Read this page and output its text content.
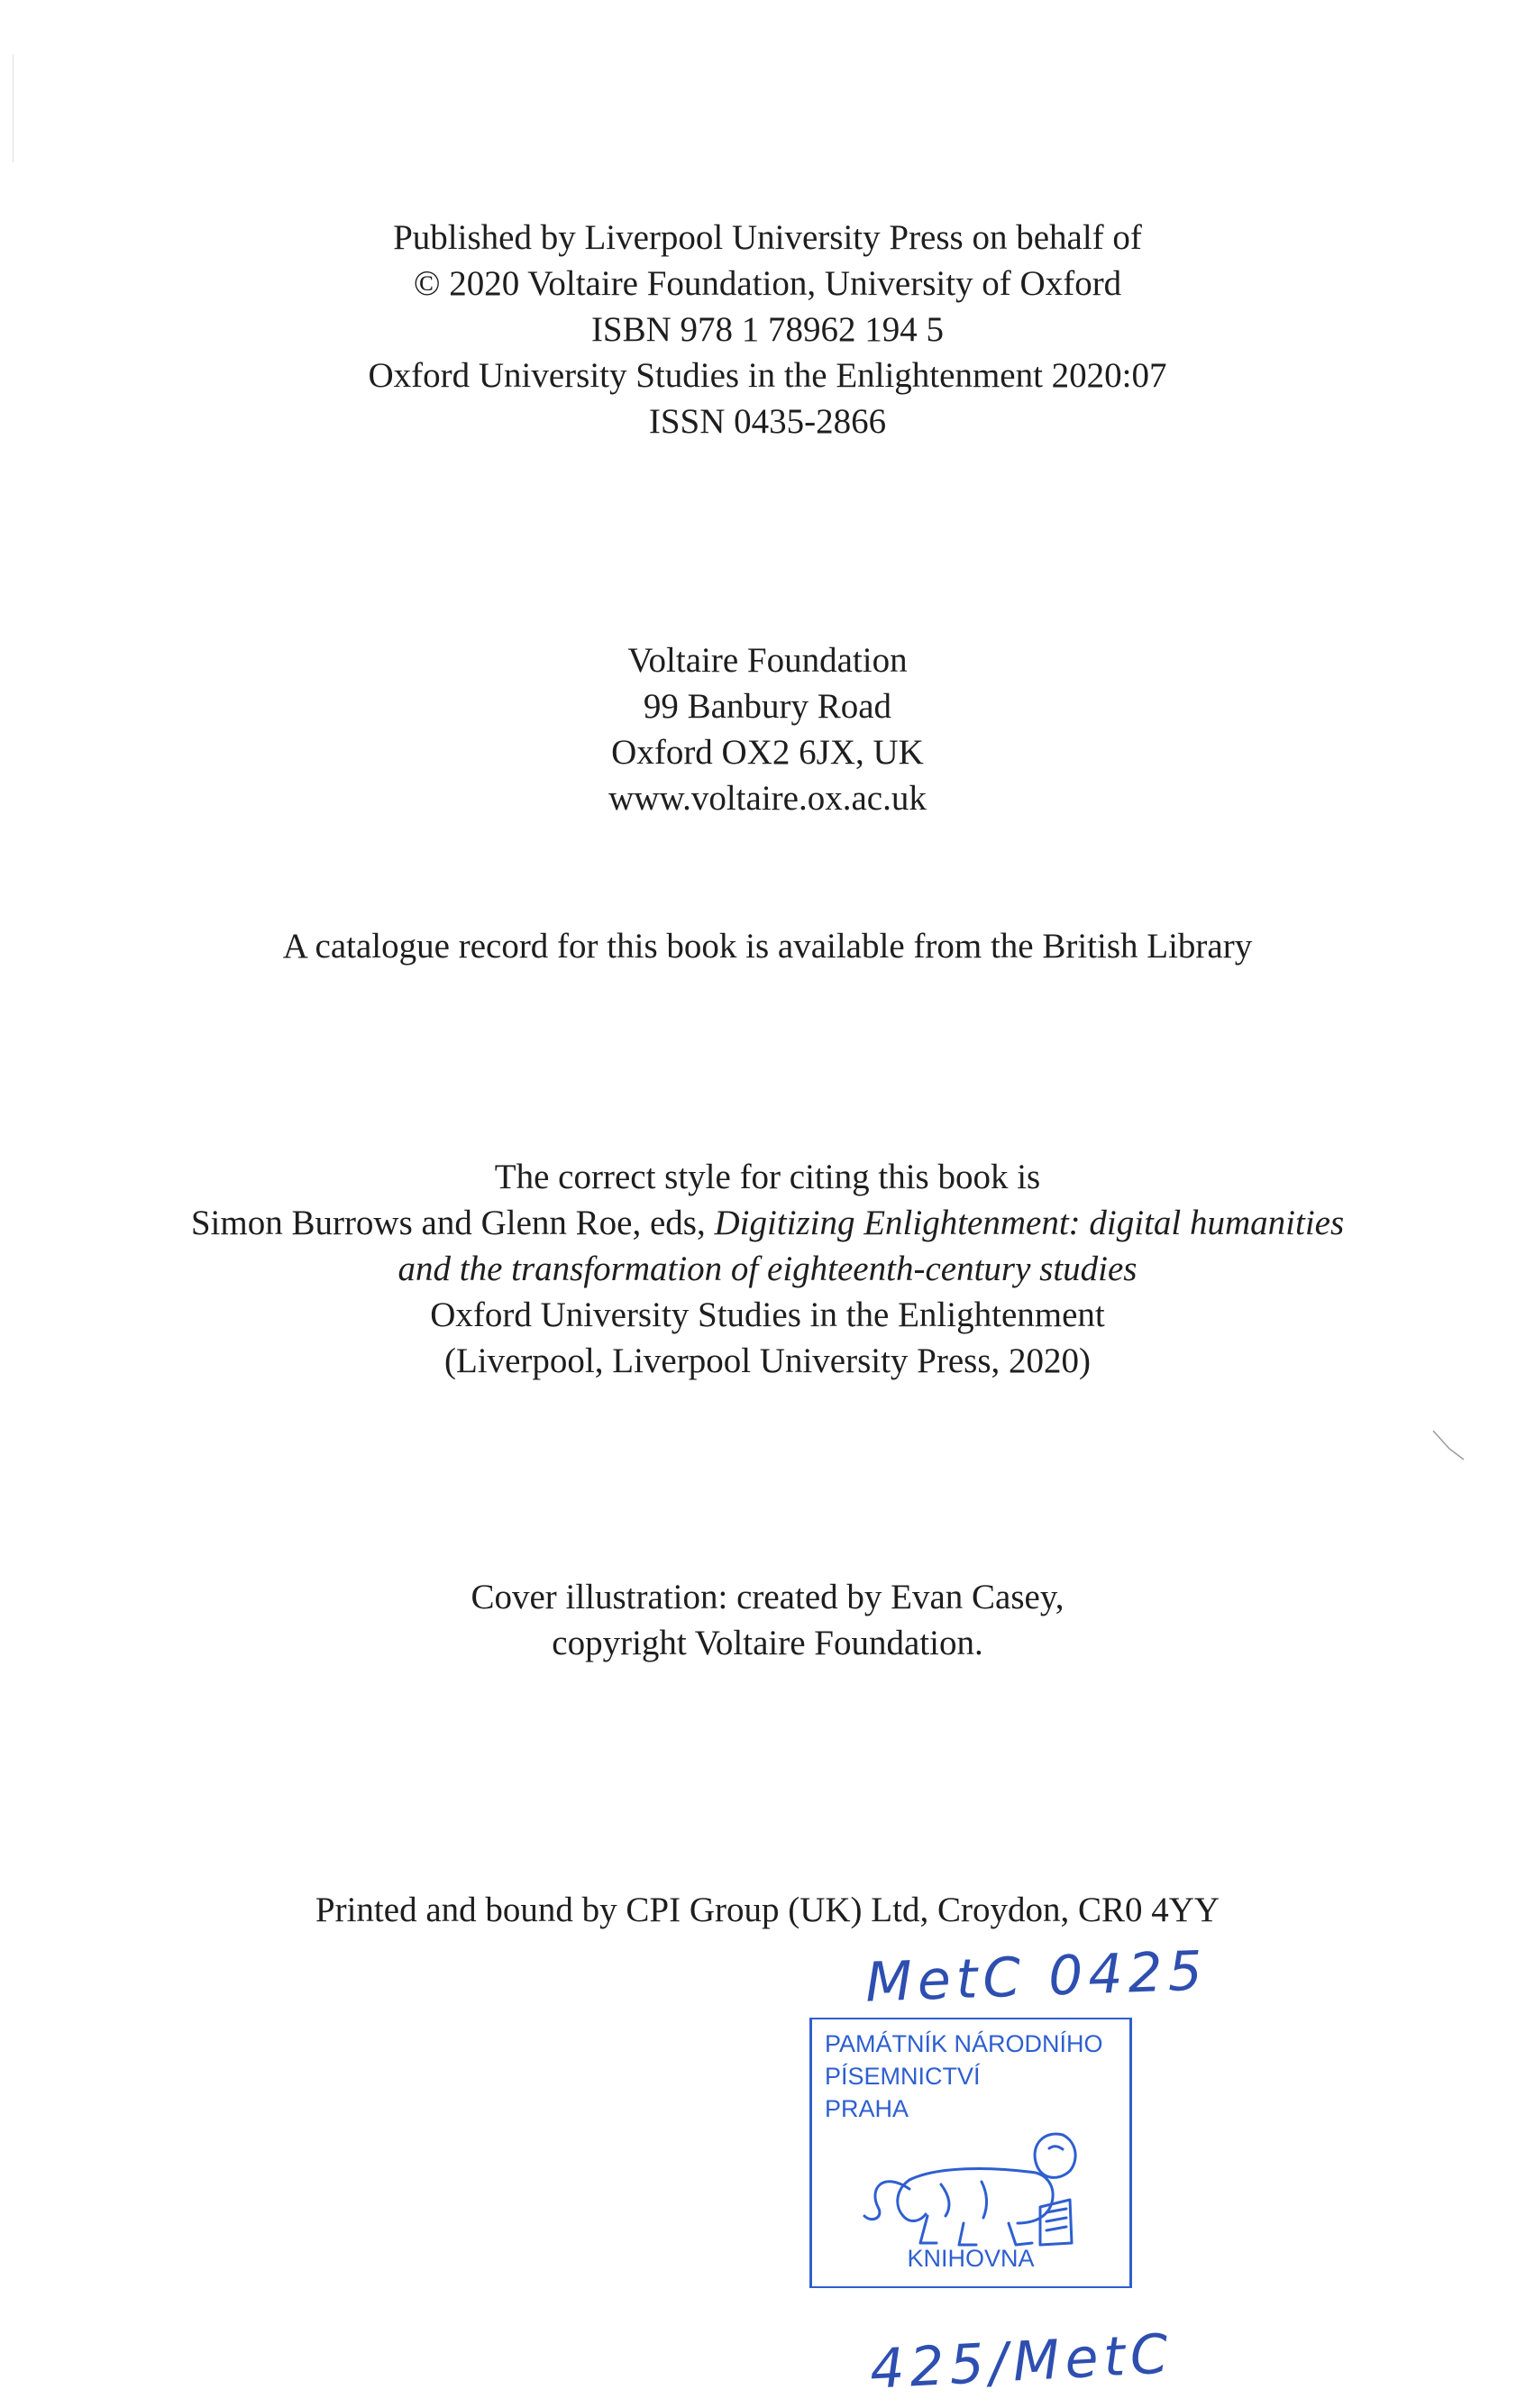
Published by Liverpool University Press on behalf of
© 2020 Voltaire Foundation, University of Oxford
ISBN 978 1 78962 194 5
Oxford University Studies in the Enlightenment 2020:07
ISSN 0435-2866
Voltaire Foundation
99 Banbury Road
Oxford OX2 6JX, UK
www.voltaire.ox.ac.uk
A catalogue record for this book is available from the British Library
The correct style for citing this book is
Simon Burrows and Glenn Roe, eds, Digitizing Enlightenment: digital humanities
and the transformation of eighteenth-century studies
Oxford University Studies in the Enlightenment
(Liverpool, Liverpool University Press, 2020)
Cover illustration: created by Evan Casey,
copyright Voltaire Foundation.
Printed and bound by CPI Group (UK) Ltd, Croydon, CR0 4YY
MetC 0425
PAMÁTNÍK NÁRODNÍHO
PÍSEMNICTVÍ
PRAHA
KNIHOVNA
425/MetC
